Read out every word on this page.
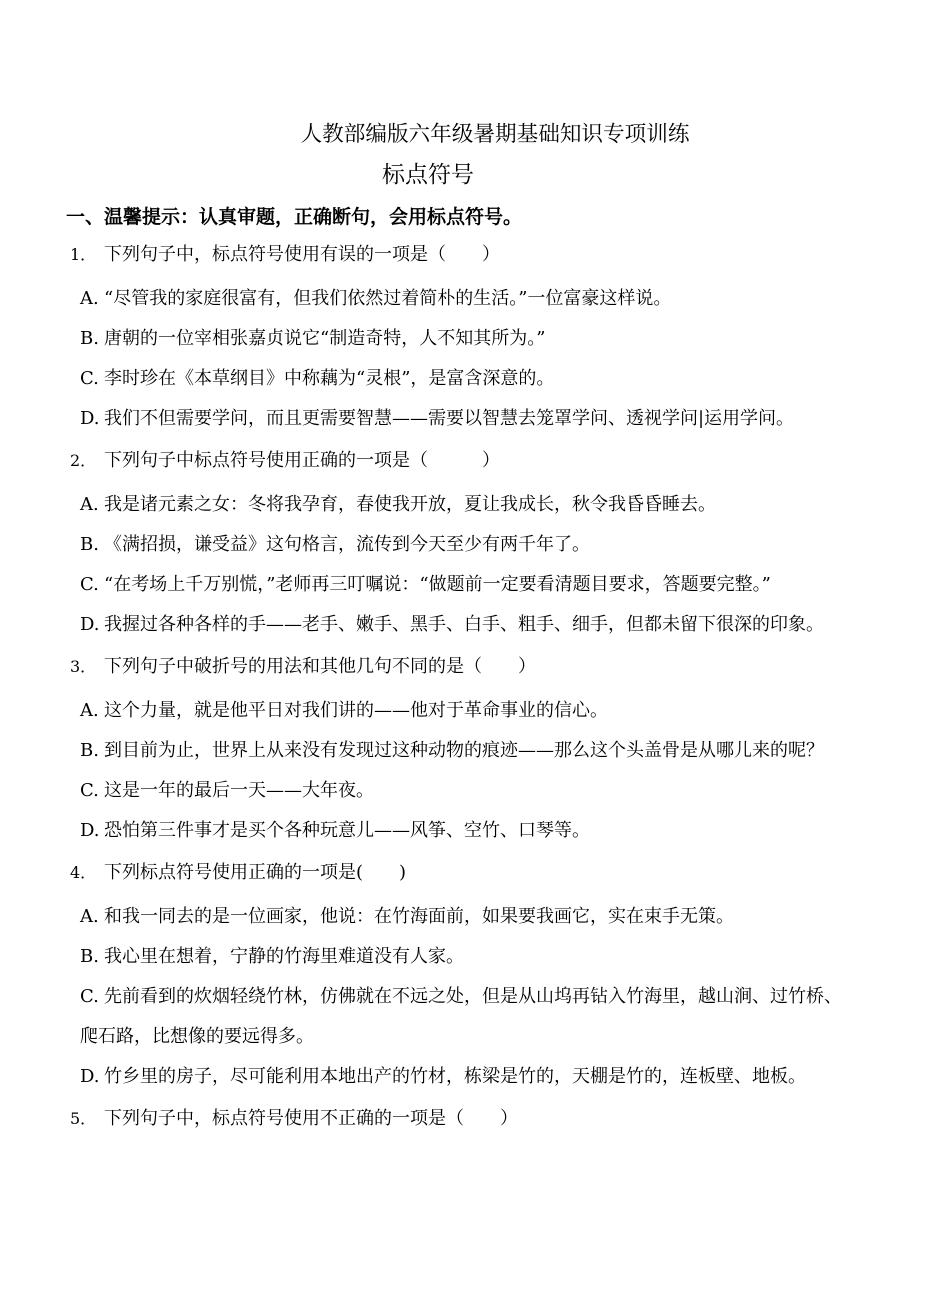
人教部编版六年级暑期基础知识专项训练
标点符号
一、温馨提示：认真审题，正确断句，会用标点符号。
1． 下列句子中，标点符号使用有误的一项是（　　）
A. “尽管我的家庭很富有，但我们依然过着简朴的生活。”一位富豪这样说。
B. 唐朝的一位宰相张嘉贞说它“制造奇特，人不知其所为。”
C. 李时珍在《本草纲目》中称藕为“灵根”，是富含深意的。
D. 我们不但需要学问，而且更需要智慧——需要以智慧去笼罩学问、透视学问|运用学问。
2． 下列句子中标点符号使用正确的一项是（　　　）
A. 我是诸元素之女：冬将我孕育，春使我开放，夏让我成长，秋令我昏昏睡去。
B. 《满招损，谦受益》这句格言，流传到今天至少有两千年了。
C. “在考场上千万别慌，”老师再三叮嘱说：“做题前一定要看清题目要求，答题要完整。”
D. 我握过各种各样的手——老手、嫩手、黑手、白手、粗手、细手，但都未留下很深的印象。
3． 下列句子中破折号的用法和其他几句不同的是（　　）
A. 这个力量，就是他平日对我们讲的——他对于革命事业的信心。
B. 到目前为止，世界上从来没有发现过这种动物的痕迹——那么这个头盖骨是从哪儿来的呢？
C. 这是一年的最后一天——大年夜。
D. 恐怕第三件事才是买个各种玩意儿——风筝、空竹、口琴等。
4． 下列标点符号使用正确的一项是(　　)
A. 和我一同去的是一位画家，他说：在竹海面前，如果要我画它，实在束手无策。
B. 我心里在想着，宁静的竹海里难道没有人家。
C. 先前看到的炊烟轻绕竹林，仿佛就在不远之处，但是从山坞再钻入竹海里，越山涧、过竹桥、
爬石路，比想像的要远得多。
D. 竹乡里的房子，尽可能利用本地出产的竹材，栋梁是竹的，天棚是竹的，连板壁、地板。
5． 下列句子中，标点符号使用不正确的一项是（　　）
